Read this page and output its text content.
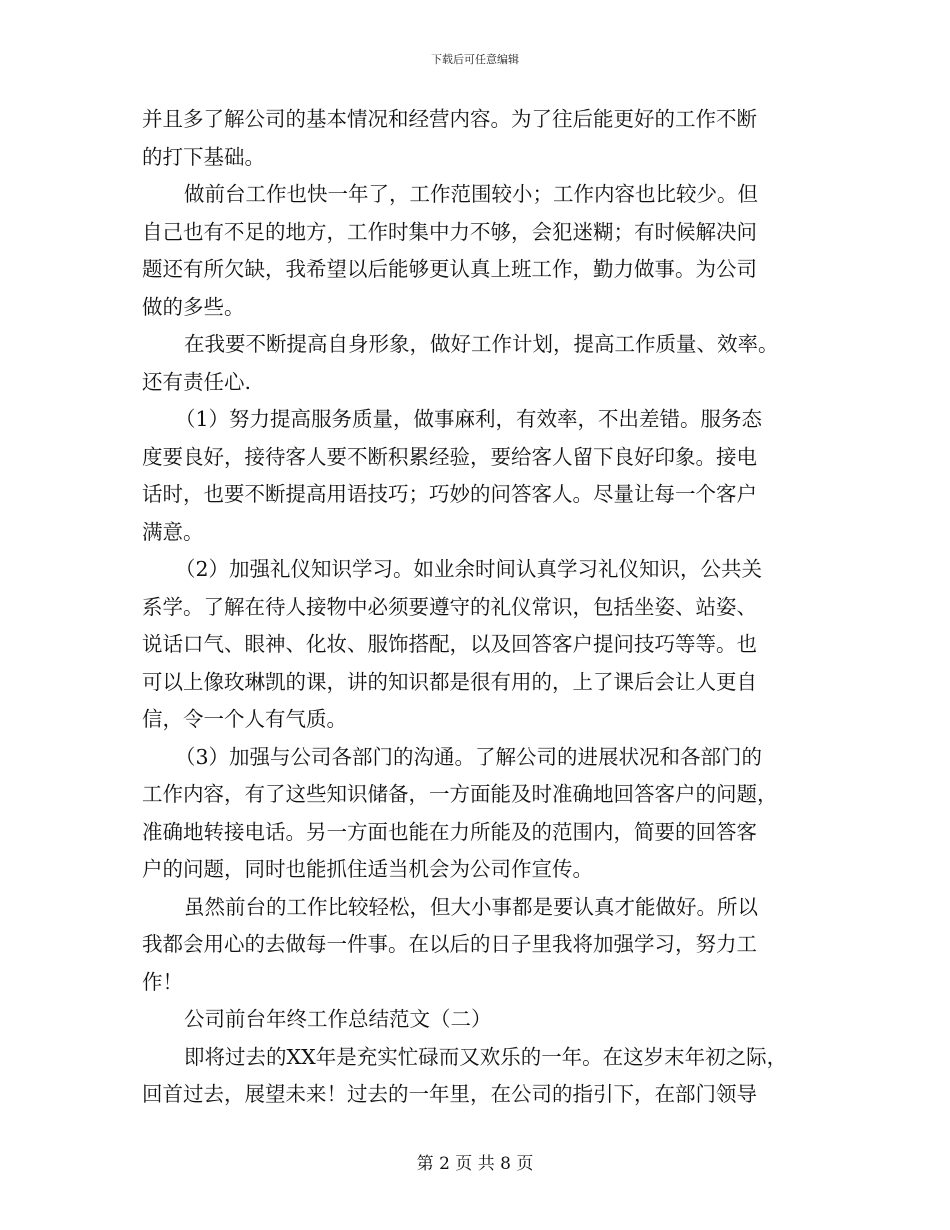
下载后可任意编辑
并且多了解公司的基本情况和经营内容。为了往后能更好的工作不断
的打下基础。
做前台工作也快一年了，工作范围较小；工作内容也比较少。但
自己也有不足的地方，工作时集中力不够，会犯迷糊；有时候解决问
题还有所欠缺，我希望以后能够更认真上班工作，勤力做事。为公司
做的多些。
在我要不断提高自身形象，做好工作计划，提高工作质量、效率。
还有责任心.
（1）努力提高服务质量，做事麻利，有效率，不出差错。服务态
度要良好，接待客人要不断积累经验，要给客人留下良好印象。接电
话时，也要不断提高用语技巧；巧妙的问答客人。尽量让每一个客户
满意。
（2）加强礼仪知识学习。如业余时间认真学习礼仪知识，公共关
系学。了解在待人接物中必须要遵守的礼仪常识，包括坐姿、站姿、
说话口气、眼神、化妆、服饰搭配，以及回答客户提问技巧等等。也
可以上像玫琳凯的课，讲的知识都是很有用的，上了课后会让人更自
信，令一个人有气质。
（3）加强与公司各部门的沟通。了解公司的进展状况和各部门的
工作内容，有了这些知识储备，一方面能及时准确地回答客户的问题，
准确地转接电话。另一方面也能在力所能及的范围内，简要的回答客
户的问题，同时也能抓住适当机会为公司作宣传。
虽然前台的工作比较轻松，但大小事都是要认真才能做好。所以
我都会用心的去做每一件事。在以后的日子里我将加强学习，努力工
作！
公司前台年终工作总结范文（二）
即将过去的XX年是充实忙碌而又欢乐的一年。在这岁末年初之际，
回首过去，展望未来！过去的一年里，在公司的指引下，在部门领导
第 2 页 共 8 页
